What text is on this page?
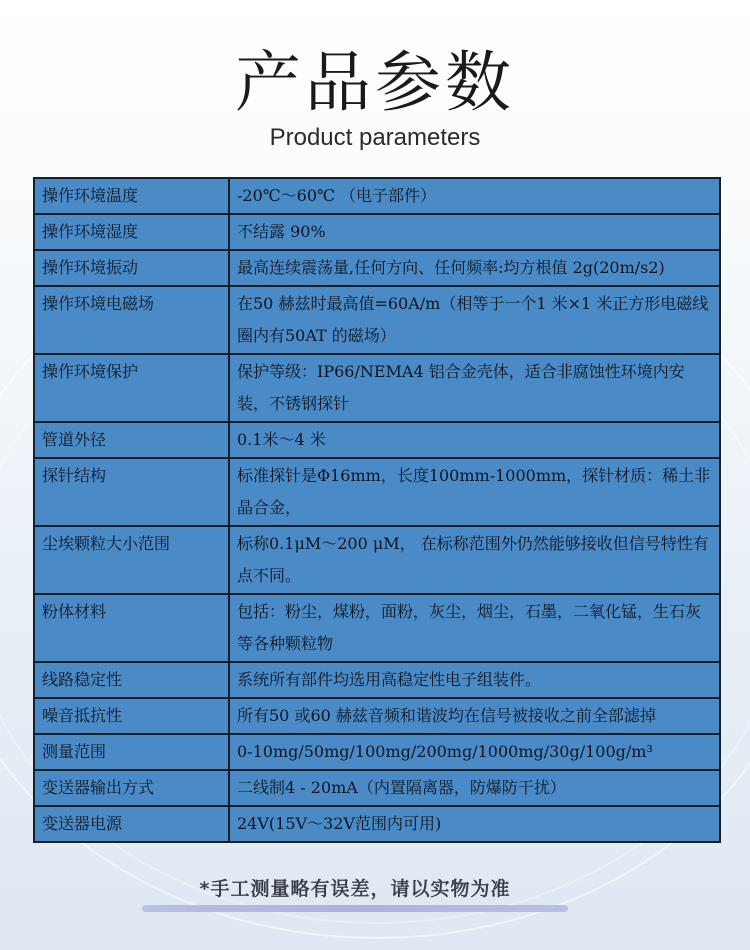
产品参数
Product parameters
操作环境温度	-20℃～60℃ （电子部件）
操作环境湿度	不结露 90%
操作环境振动	最高连续震荡量,任何方向、任何频率:均方根值 2g(20m/s2)
操作环境电磁场	在50 赫兹时最高值=60A/m（相等于一个1 米×1 米正方形电磁线圈内有50AT 的磁场）
操作环境保护	保护等级：IP66/NEMA4 铝合金壳体，适合非腐蚀性环境内安装，不锈钢探针
管道外径	0.1米～4 米
探针结构	标准探针是Φ16mm，长度100mm-1000mm，探针材质：稀土非晶合金，
尘埃颗粒大小范围	标称0.1μM～200 μM， 在标称范围外仍然能够接收但信号特性有点不同。
粉体材料	包括：粉尘，煤粉，面粉，灰尘，烟尘，石墨，二氧化锰，生石灰等各种颗粒物
线路稳定性	系统所有部件均选用高稳定性电子组装件。
噪音抵抗性	所有50 或60 赫兹音频和谐波均在信号被接收之前全部滤掉
测量范围	0-10mg/50mg/100mg/200mg/1000mg/30g/100g/m³
变送器输出方式	二线制4 - 20mA（内置隔离器，防爆防干扰）
变送器电源	24V(15V～32V范围内可用)
*手工测量略有误差，请以实物为准
